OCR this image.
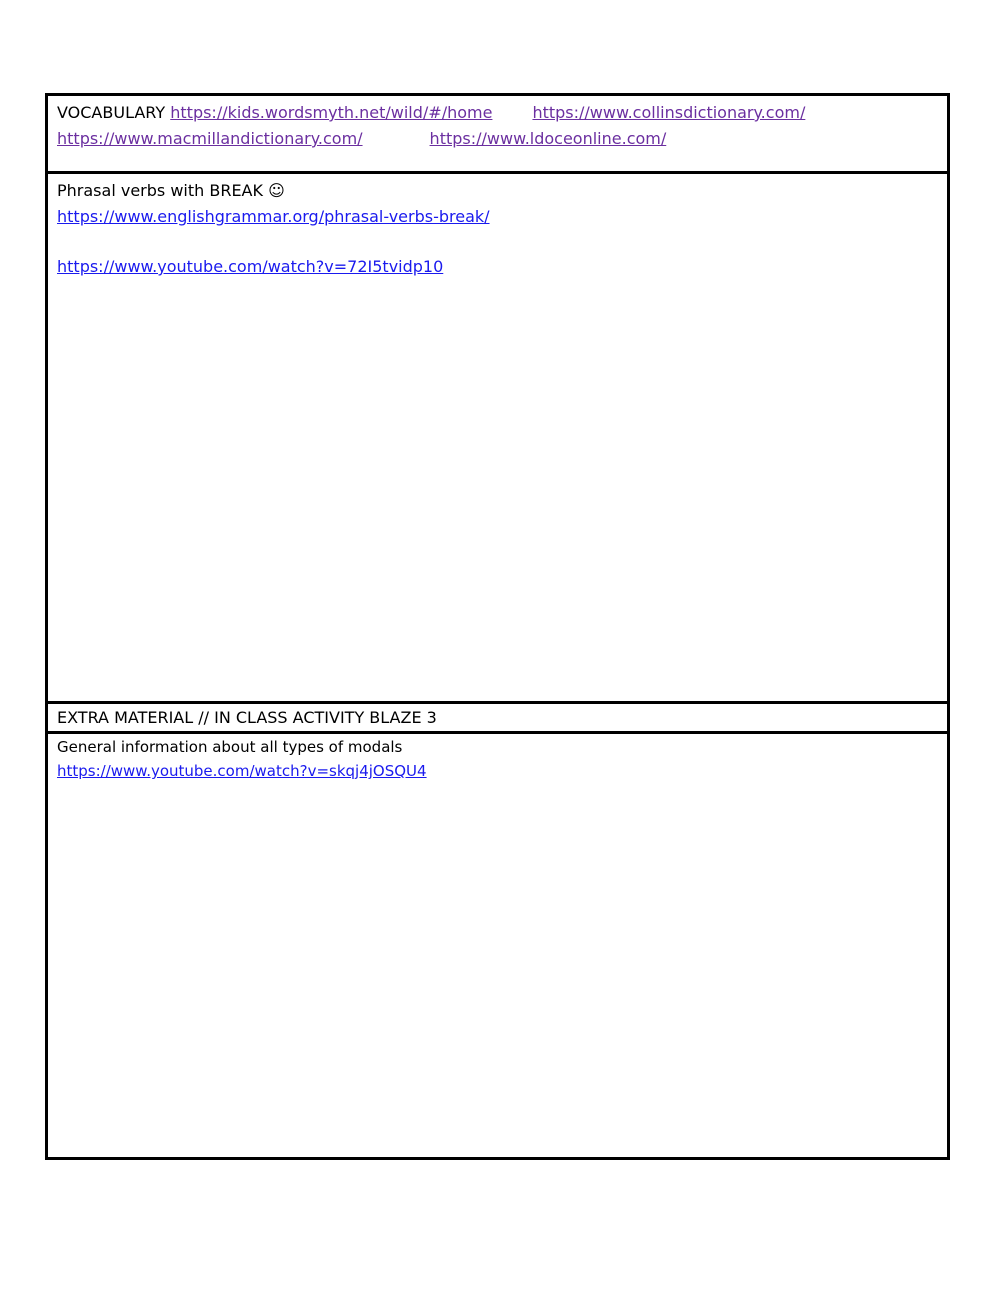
VOCABULARY https://kids.wordsmyth.net/wild/#/home	https://www.collinsdictionary.com/
https://www.macmillandictionary.com/	https://www.ldoceonline.com/
Phrasal verbs with BREAK ☺
https://www.englishgrammar.org/phrasal-verbs-break/
https://www.youtube.com/watch?v=72I5tvidp10
EXTRA MATERIAL // IN CLASS ACTIVITY BLAZE 3
General information about all types of modals
https://www.youtube.com/watch?v=skqj4jOSQU4
